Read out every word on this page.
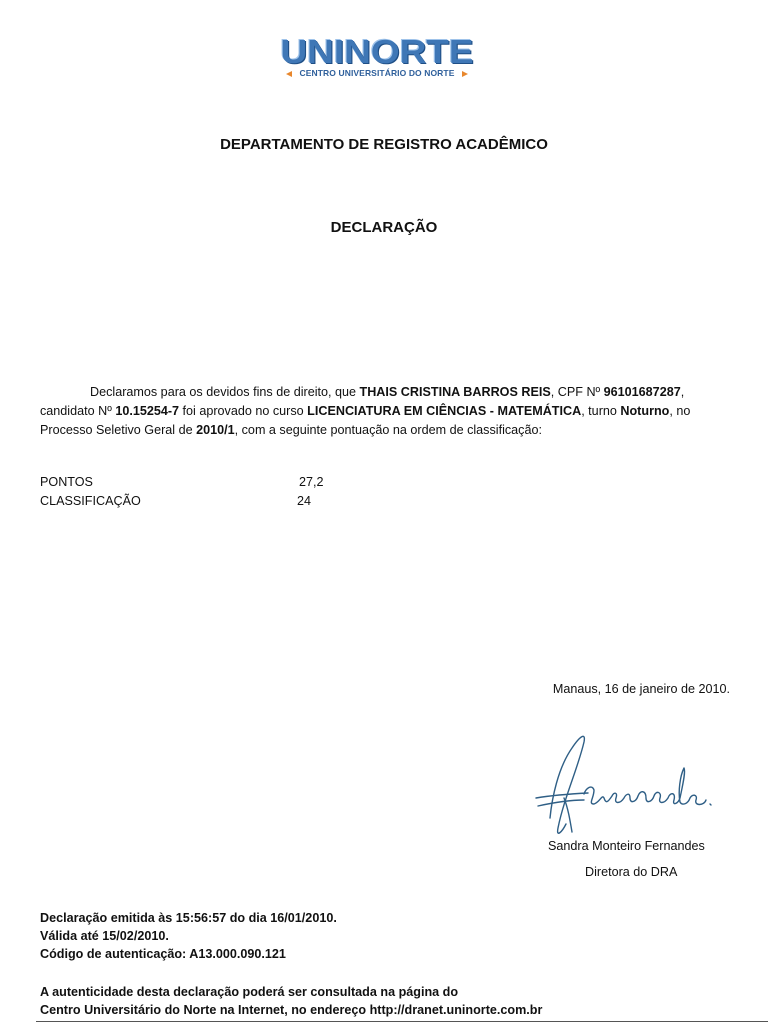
UNINORTE
CENTRO UNIVERSITÁRIO DO NORTE
DEPARTAMENTO DE REGISTRO ACADÊMICO
DECLARAÇÃO

Declaramos para os devidos fins de direito, que THAIS CRISTINA BARROS REIS, CPF Nº 96101687287, candidato Nº 10.15254-7 foi aprovado no curso LICENCIATURA EM CIÊNCIAS - MATEMÁTICA, turno Noturno, no Processo Seletivo Geral de 2010/1, com a seguinte pontuação na ordem de classificação:

PONTOS	27,2
CLASSIFICAÇÃO	24
Manaus, 16 de janeiro de 2010.
Sandra Monteiro Fernandes
Diretora do DRA
Declaração emitida às 15:56:57 do dia 16/01/2010.
Válida até 15/02/2010.
Código de autenticação: A13.000.090.121
A autenticidade desta declaração poderá ser consultada na página do
Centro Universitário do Norte na Internet, no endereço http://dranet.uninorte.com.br
